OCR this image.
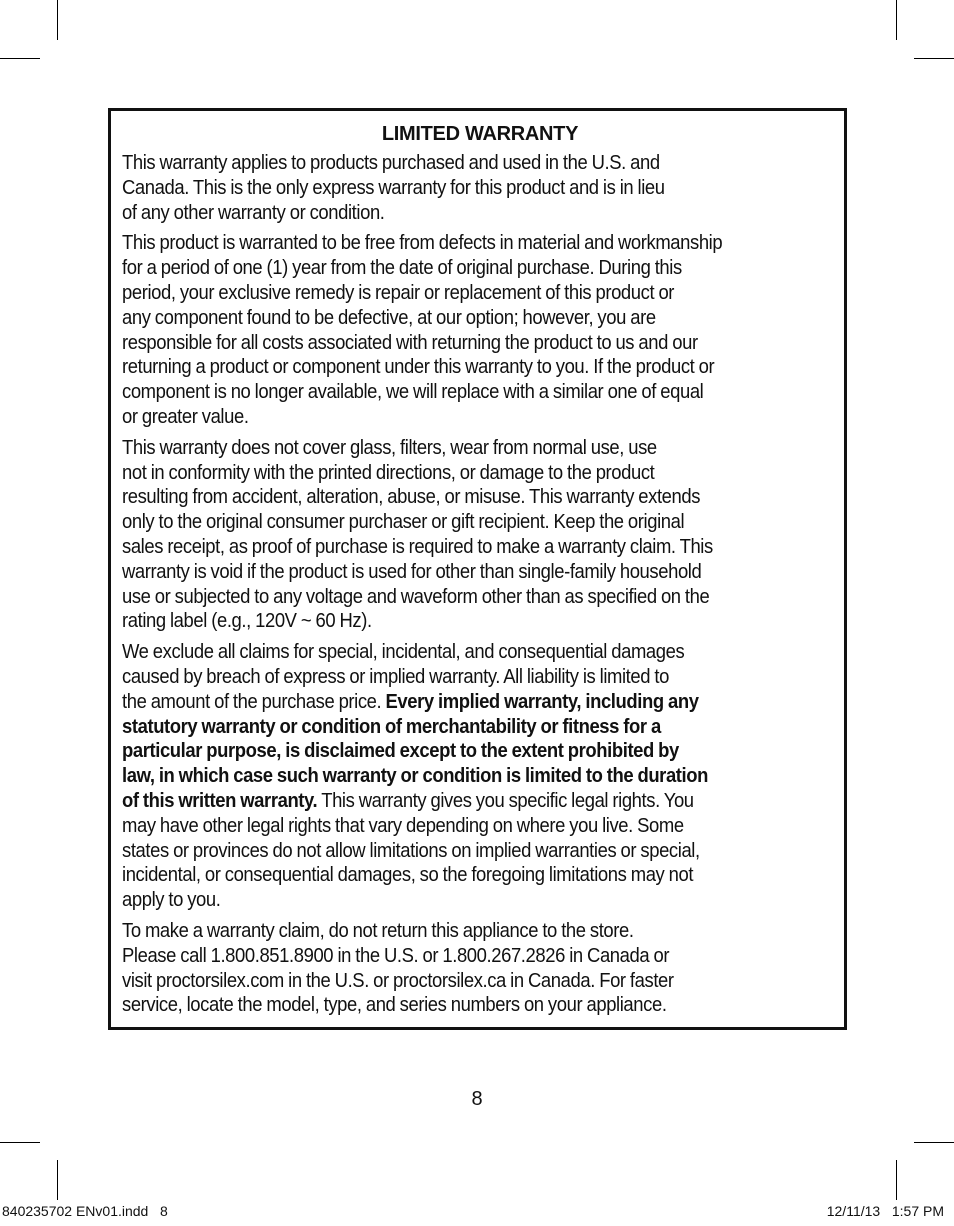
LIMITED WARRANTY
This warranty applies to products purchased and used in the U.S. and
Canada. This is the only express warranty for this product and is in lieu
of any other warranty or condition.
This product is warranted to be free from defects in material and workmanship
for a period of one (1) year from the date of original purchase. During this
period, your exclusive remedy is repair or replacement of this product or
any component found to be defective, at our option; however, you are
responsible for all costs associated with returning the product to us and our
returning a product or component under this warranty to you. If the product or
component is no longer available, we will replace with a similar one of equal
or greater value.
This warranty does not cover glass, filters, wear from normal use, use
not in conformity with the printed directions, or damage to the product
resulting from accident, alteration, abuse, or misuse. This warranty extends
only to the original consumer purchaser or gift recipient. Keep the original
sales receipt, as proof of purchase is required to make a warranty claim. This
warranty is void if the product is used for other than single-family household
use or subjected to any voltage and waveform other than as specified on the
rating label (e.g., 120V ~ 60 Hz).
We exclude all claims for special, incidental, and consequential damages
caused by breach of express or implied warranty. All liability is limited to
the amount of the purchase price. Every implied warranty, including any
statutory warranty or condition of merchantability or fitness for a
particular purpose, is disclaimed except to the extent prohibited by
law, in which case such warranty or condition is limited to the duration
of this written warranty. This warranty gives you specific legal rights. You
may have other legal rights that vary depending on where you live. Some
states or provinces do not allow limitations on implied warranties or special,
incidental, or consequential damages, so the foregoing limitations may not
apply to you.
To make a warranty claim, do not return this appliance to the store.
Please call 1.800.851.8900 in the U.S. or 1.800.267.2826 in Canada or
visit proctorsilex.com in the U.S. or proctorsilex.ca in Canada. For faster
service, locate the model, type, and series numbers on your appliance.
8
840235702 ENv01.indd   8	12/11/13   1:57 PM
